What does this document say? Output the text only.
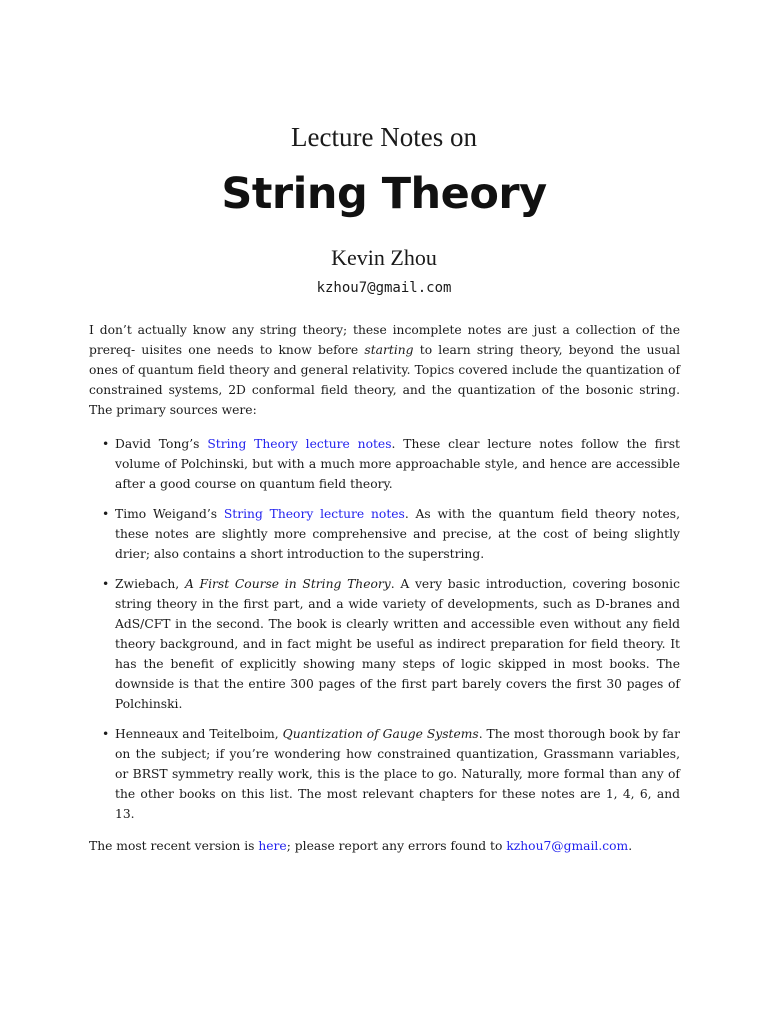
Lecture Notes on
String Theory
Kevin Zhou
kzhou7@gmail.com

I don’t actually know any string theory; these incomplete notes are just a collection of the prereq- uisites one needs to know before starting to learn string theory, beyond the usual ones of quantum field theory and general relativity. Topics covered include the quantization of constrained systems, 2D conformal field theory, and the quantization of the bosonic string. The primary sources were:

• David Tong’s String Theory lecture notes. These clear lecture notes follow the first volume of Polchinski, but with a much more approachable style, and hence are accessible after a good course on quantum field theory.
• Timo Weigand’s String Theory lecture notes. As with the quantum field theory notes, these notes are slightly more comprehensive and precise, at the cost of being slightly drier; also contains a short introduction to the superstring.
• Zwiebach, A First Course in String Theory. A very basic introduction, covering bosonic string theory in the first part, and a wide variety of developments, such as D-branes and AdS/CFT in the second. The book is clearly written and accessible even without any field theory background, and in fact might be useful as indirect preparation for field theory. It has the benefit of explicitly showing many steps of logic skipped in most books. The downside is that the entire 300 pages of the first part barely covers the first 30 pages of Polchinski.
• Henneaux and Teitelboim, Quantization of Gauge Systems. The most thorough book by far on the subject; if you’re wondering how constrained quantization, Grassmann variables, or BRST symmetry really work, this is the place to go. Naturally, more formal than any of the other books on this list. The most relevant chapters for these notes are 1, 4, 6, and 13.

The most recent version is here; please report any errors found to kzhou7@gmail.com.
